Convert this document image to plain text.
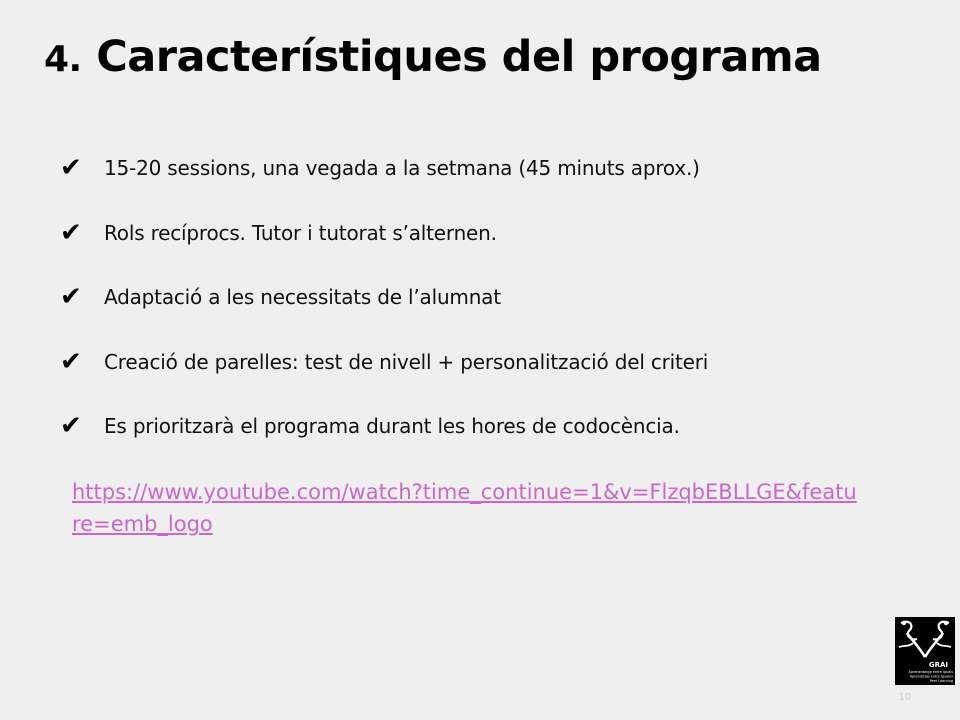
4. Característiques del programa
✔	15-20 sessions, una vegada a la setmana (45 minuts aprox.)
✔	Rols recíprocs. Tutor i tutorat s’alternen.
✔	Adaptació a les necessitats de l’alumnat
✔	Creació de parelles: test de nivell + personalització del criteri
✔	Es prioritzarà el programa durant les hores de codocència.
https://www.youtube.com/watch?time_continue=1&v=FlzqbEBLLGE&feature=emb_logo
GRAI
Aprenentatge entre Iguals
Aprendizaje entre Iguales
Peer Learning
10
